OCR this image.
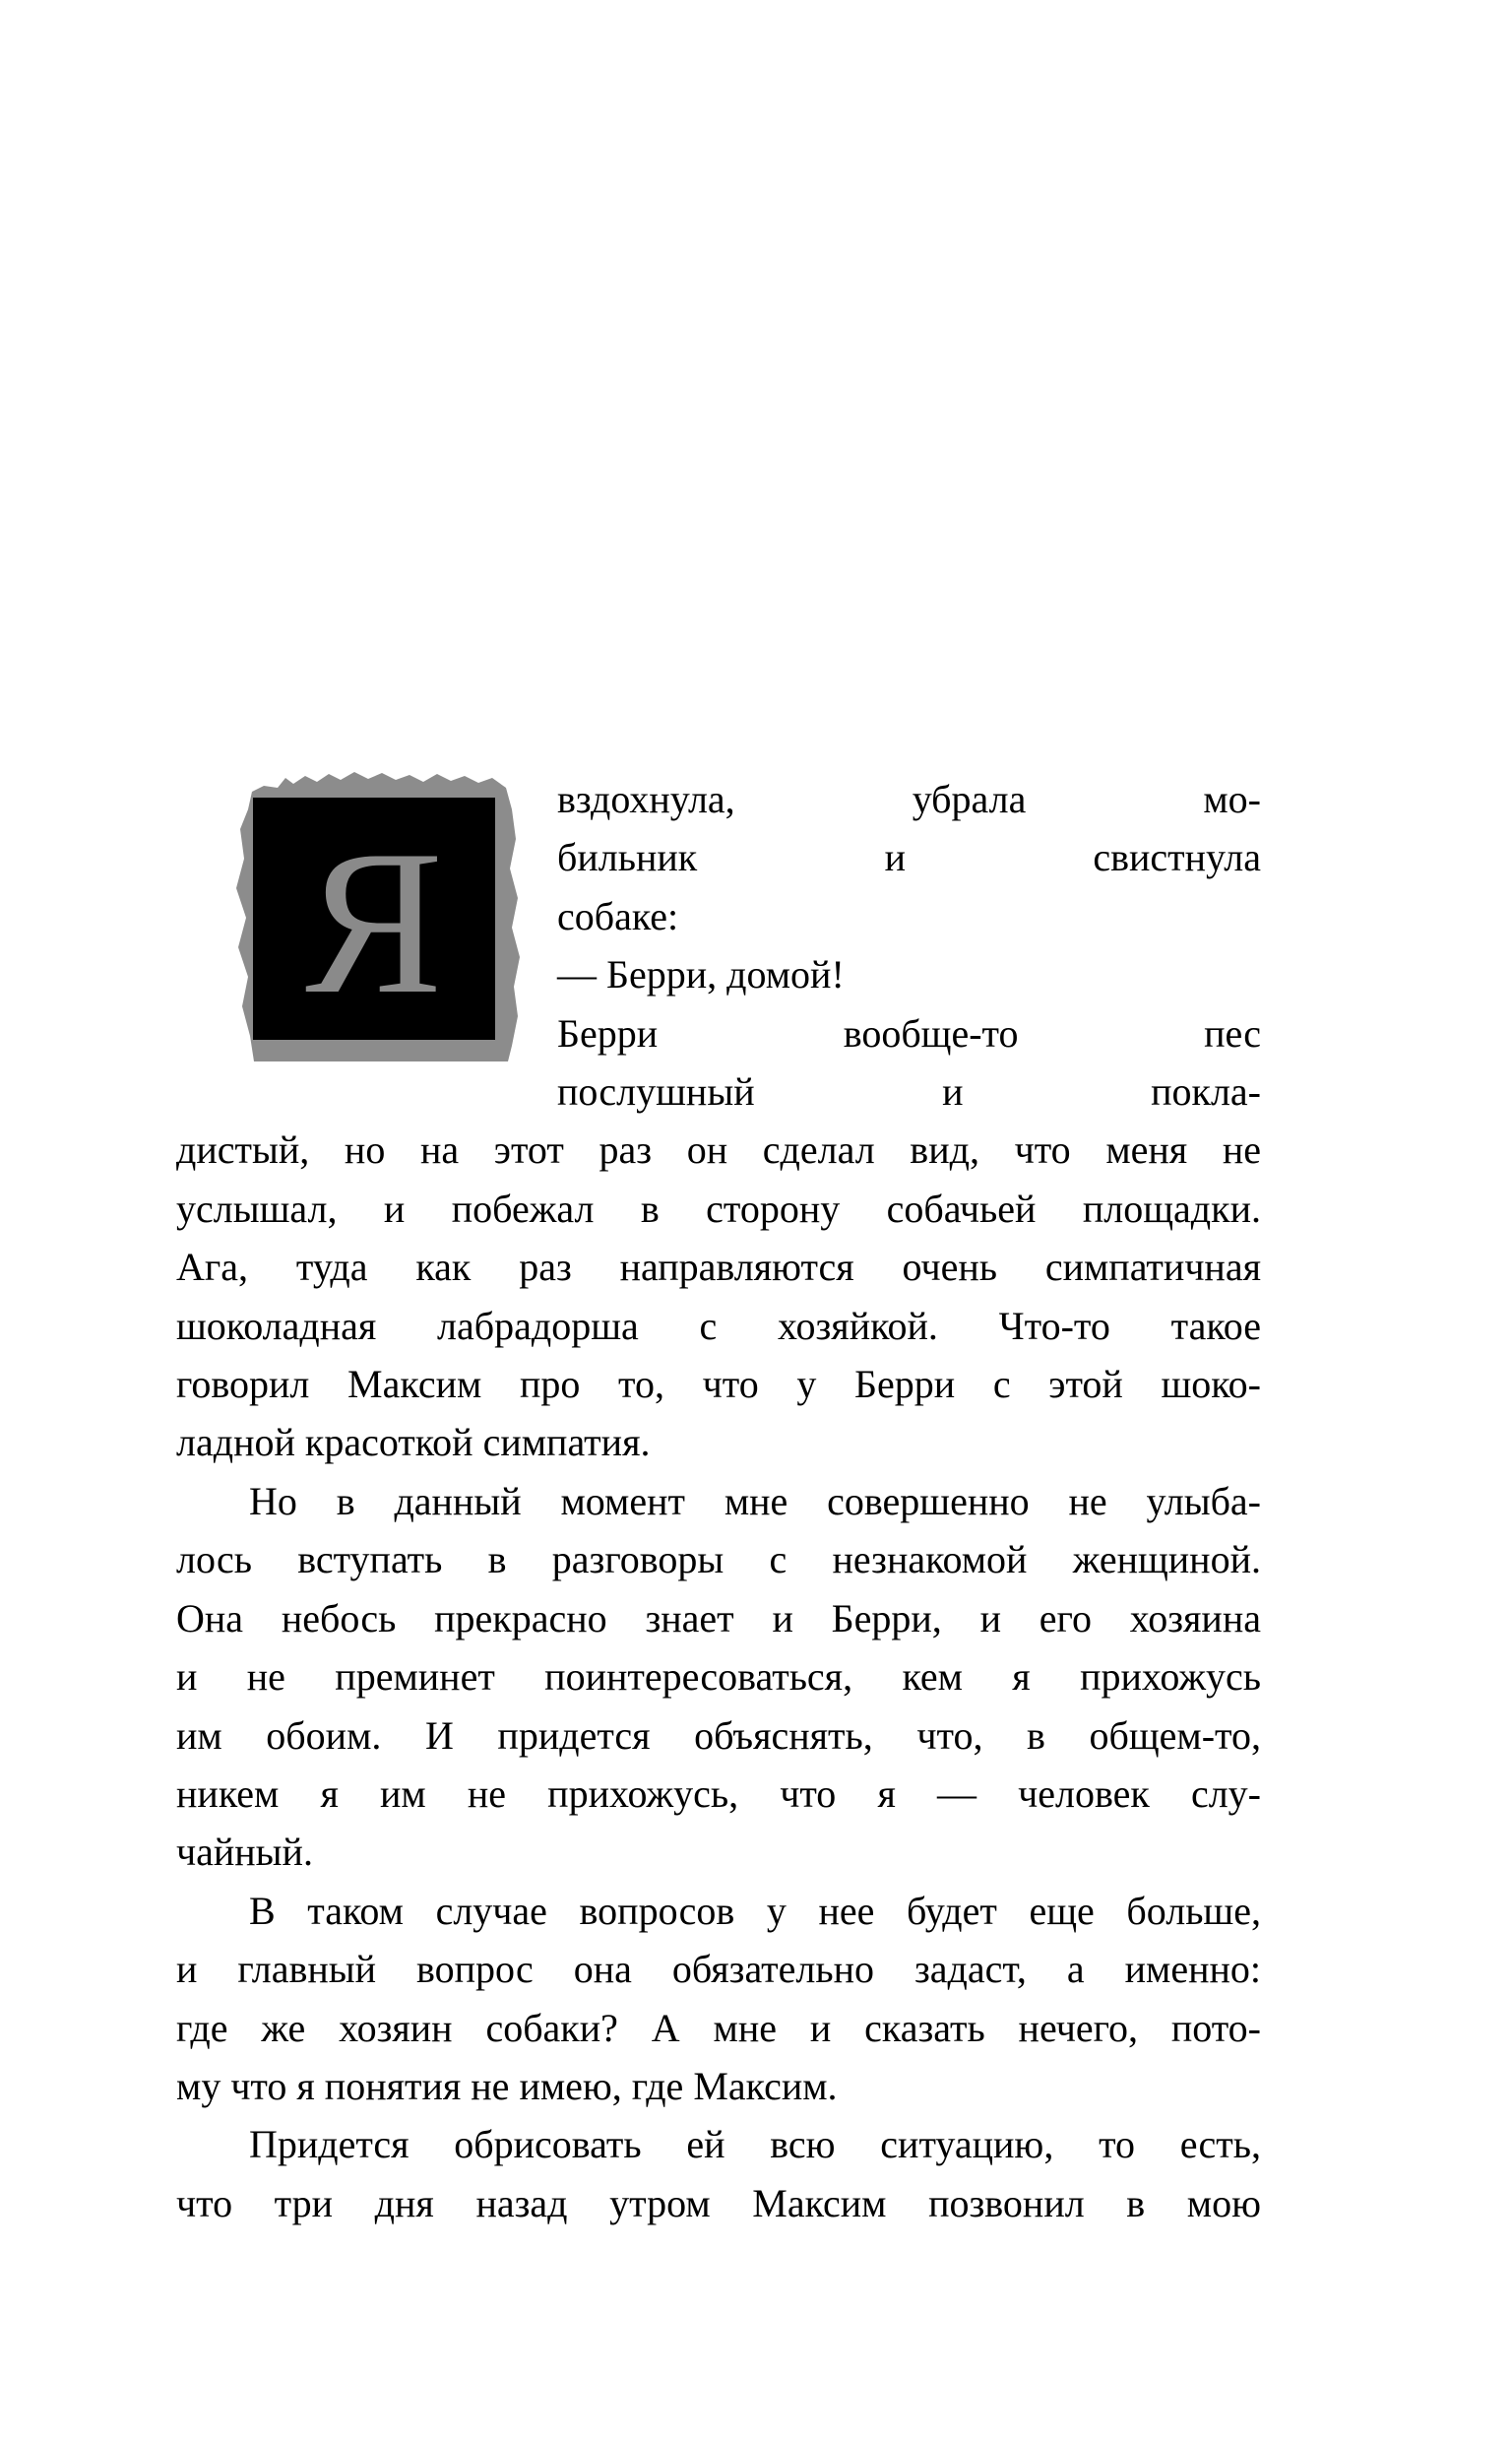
Я

вздохнула, убрала мо-
бильник и свистнула
собаке:

— Берри, домой!

Берри вообще-то пес
послушный и покла-
дистый, но на этот раз он сделал вид, что меня не
услышал, и побежал в сторону собачьей площадки.
Ага, туда как раз направляются очень симпатичная
шоколадная лабрадорша с хозяйкой. Что-то такое
говорил Максим про то, что у Берри с этой шоко-
ладной красоткой симпатия.

Но в данный момент мне совершенно не улыба-
лось вступать в разговоры с незнакомой женщиной.
Она небось прекрасно знает и Берри, и его хозяина
и не преминет поинтересоваться, кем я прихожусь
им обоим. И придется объяснять, что, в общем-то,
никем я им не прихожусь, что я — человек слу-
чайный.

В таком случае вопросов у нее будет еще больше,
и главный вопрос она обязательно задаст, а именно:
где же хозяин собаки? А мне и сказать нечего, пото-
му что я понятия не имею, где Максим.

Придется обрисовать ей всю ситуацию, то есть,
что три дня назад утром Максим позвонил в мою
